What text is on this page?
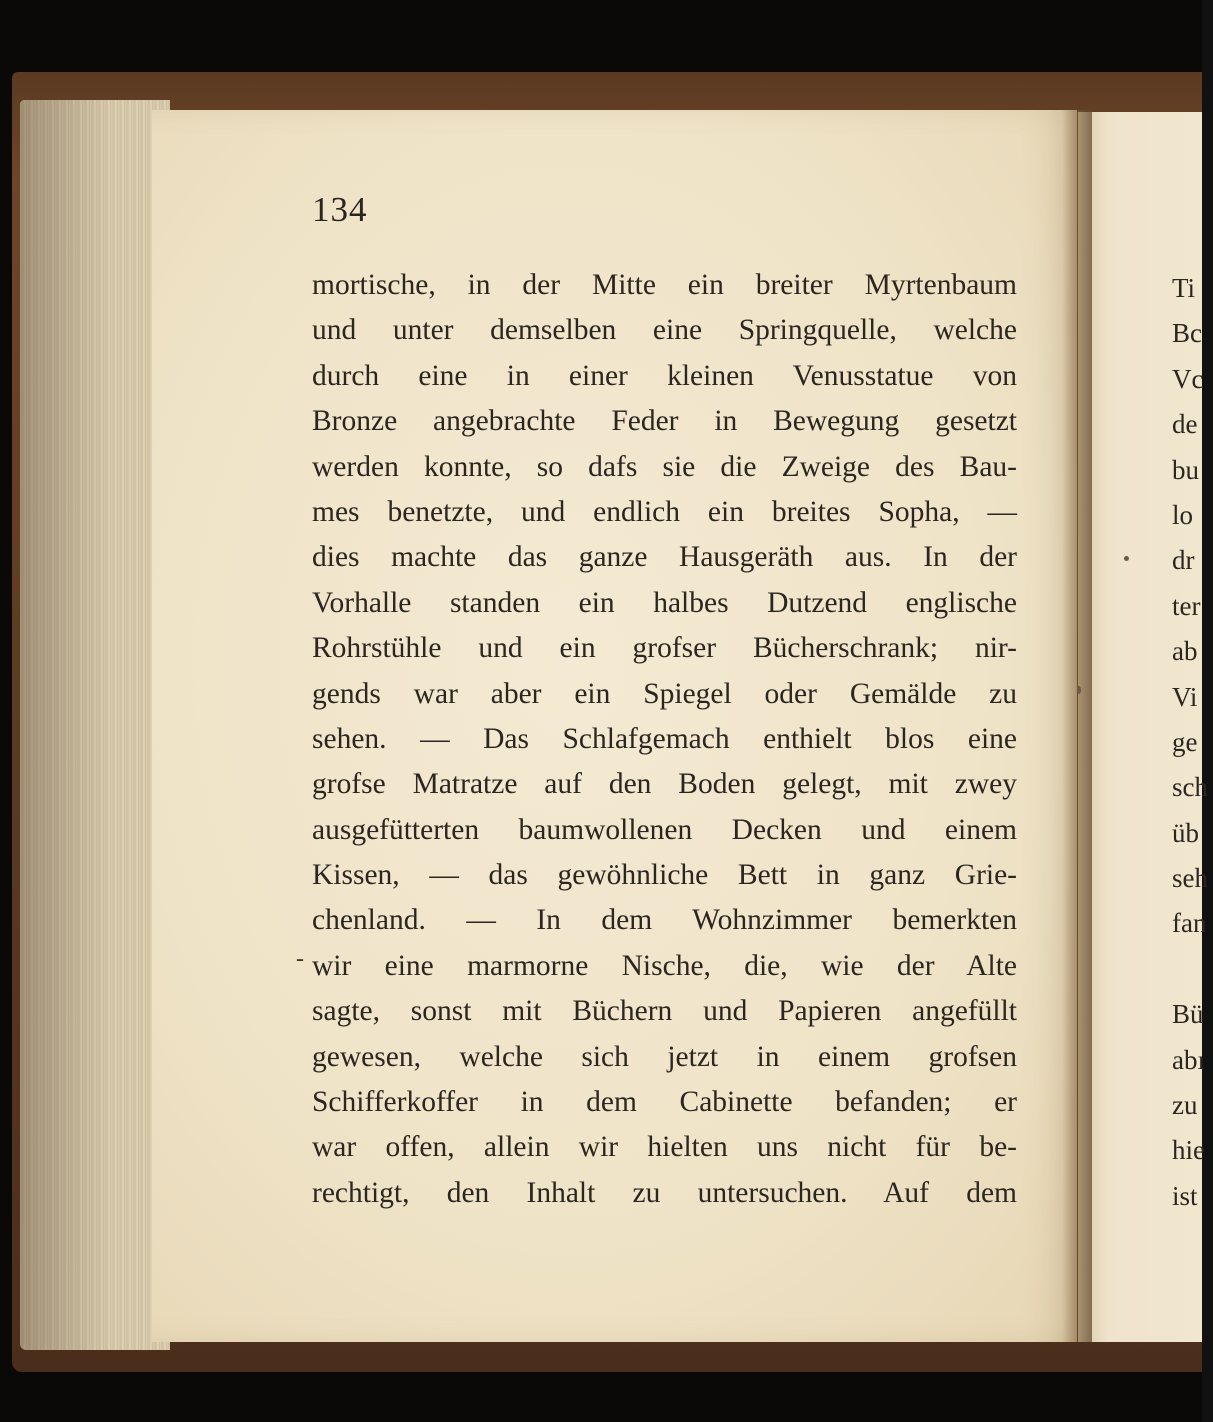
134
mortische, in der Mitte ein breiter Myrtenbaum
und unter demselben eine Springquelle, welche
durch eine in einer kleinen Venusstatue von
Bronze angebrachte Feder in Bewegung gesetzt
werden konnte, so dafs sie die Zweige des Bau-
mes benetzte, und endlich ein breites Sopha, —
dies machte das ganze Hausgeräth aus. In der
Vorhalle standen ein halbes Dutzend englische
Rohrstühle und ein grofser Bücherschrank; nir-
gends war aber ein Spiegel oder Gemälde zu
sehen. — Das Schlafgemach enthielt blos eine
grofse Matratze auf den Boden gelegt, mit zwey
ausgefütterten baumwollenen Decken und einem
Kissen, — das gewöhnliche Bett in ganz Grie-
chenland. — In dem Wohnzimmer bemerkten
wir eine marmorne Nische, die, wie der Alte
sagte, sonst mit Büchern und Papieren angefüllt
gewesen, welche sich jetzt in einem grofsen
Schifferkoffer in dem Cabinette befanden; er
war offen, allein wir hielten uns nicht für be-
rechtigt, den Inhalt zu untersuchen. Auf dem
-
Ti
Bc
Vc
de
bu
lo
dr
ter
ab
Vi
ge
sch
üb
seh
fan
Bü
abı
zu
hie
ist
